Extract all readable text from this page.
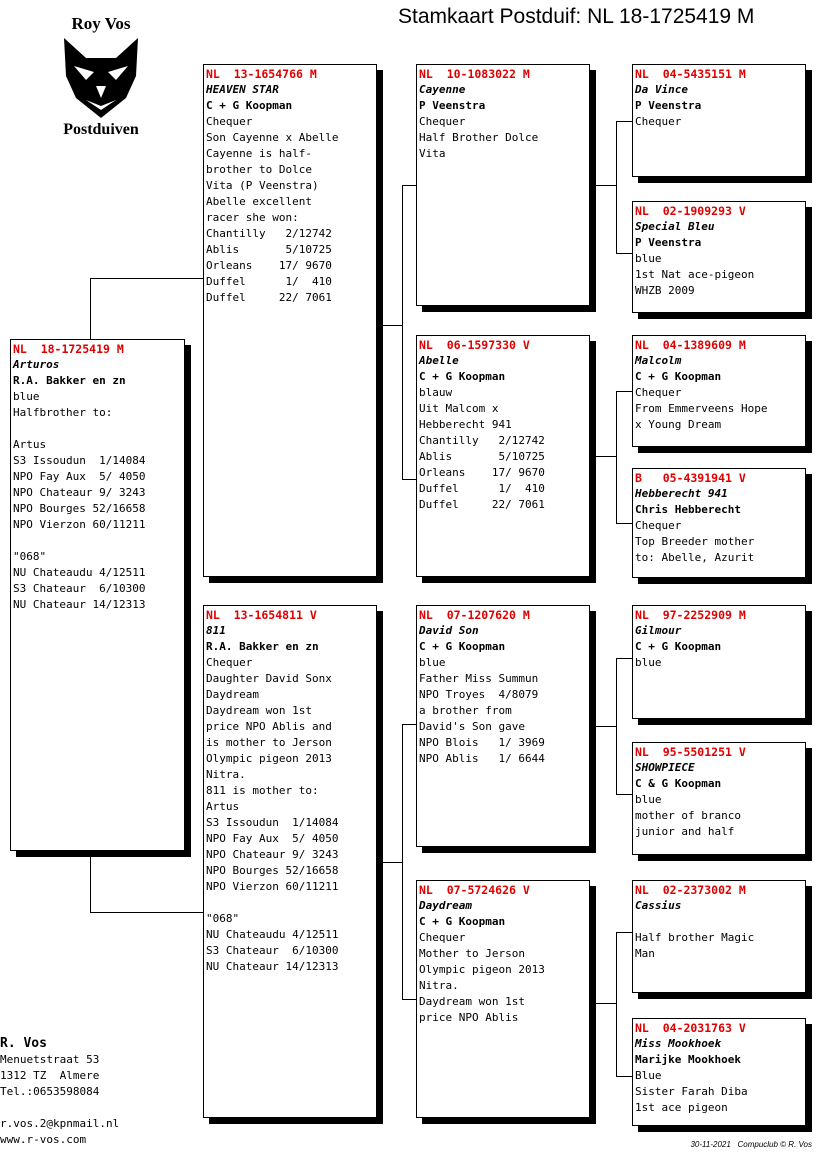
Stamkaart Postduif: NL 18-1725419 M
Roy Vos
Postduiven
NL  18-1725419 M
Arturos
R.A. Bakker en zn
blue
Halfbrother to:
Artus
S3 Issoudun  1/14084
NPO Fay Aux  5/ 4050
NPO Chateaur 9/ 3243
NPO Bourges 52/16658
NPO Vierzon 60/11211
"068"
NU Chateaudu 4/12511
S3 Chateaur  6/10300
NU Chateaur 14/12313
NL  13-1654766 M
HEAVEN STAR
C + G Koopman
Chequer
Son Cayenne x Abelle
Cayenne is half-
brother to Dolce
Vita (P Veenstra)
Abelle excellent
racer she won:
Chantilly   2/12742
Ablis       5/10725
Orleans    17/ 9670
Duffel      1/  410
Duffel     22/ 7061
NL  13-1654811 V
811
R.A. Bakker en zn
Chequer
Daughter David Sonx
Daydream
Daydream won 1st
price NPO Ablis and
is mother to Jerson
Olympic pigeon 2013
Nitra.
811 is mother to:
Artus
S3 Issoudun  1/14084
NPO Fay Aux  5/ 4050
NPO Chateaur 9/ 3243
NPO Bourges 52/16658
NPO Vierzon 60/11211
"068"
NU Chateaudu 4/12511
S3 Chateaur  6/10300
NU Chateaur 14/12313
NL  10-1083022 M
Cayenne
P Veenstra
Chequer
Half Brother Dolce
Vita
NL  06-1597330 V
Abelle
C + G Koopman
blauw
Uit Malcom x
Hebberecht 941
Chantilly   2/12742
Ablis       5/10725
Orleans    17/ 9670
Duffel      1/  410
Duffel     22/ 7061
NL  07-1207620 M
David Son
C + G Koopman
blue
Father Miss Summun
NPO Troyes  4/8079
a brother from
David's Son gave
NPO Blois   1/ 3969
NPO Ablis   1/ 6644
NL  07-5724626 V
Daydream
C + G Koopman
Chequer
Mother to Jerson
Olympic pigeon 2013
Nitra.
Daydream won 1st
price NPO Ablis
NL  04-5435151 M
Da Vince
P Veenstra
Chequer
NL  02-1909293 V
Special Bleu
P Veenstra
blue
1st Nat ace-pigeon
WHZB 2009
NL  04-1389609 M
Malcolm
C + G Koopman
Chequer
From Emmerveens Hope
x Young Dream
B   05-4391941 V
Hebberecht 941
Chris Hebberecht
Chequer
Top Breeder mother
to: Abelle, Azurit
NL  97-2252909 M
Gilmour
C + G Koopman
blue
NL  95-5501251 V
SHOWPIECE
C & G Koopman
blue
mother of branco
junior and half
NL  02-2373002 M
Cassius
Half brother Magic
Man
NL  04-2031763 V
Miss Mookhoek
Marijke Mookhoek
Blue
Sister Farah Diba
1st ace pigeon
R. Vos
Menuetstraat 53
1312 TZ  Almere
Tel.:0653598084

r.vos.2@kpnmail.nl
www.r-vos.com	30-11-2021 Compuclub © R. Vos
